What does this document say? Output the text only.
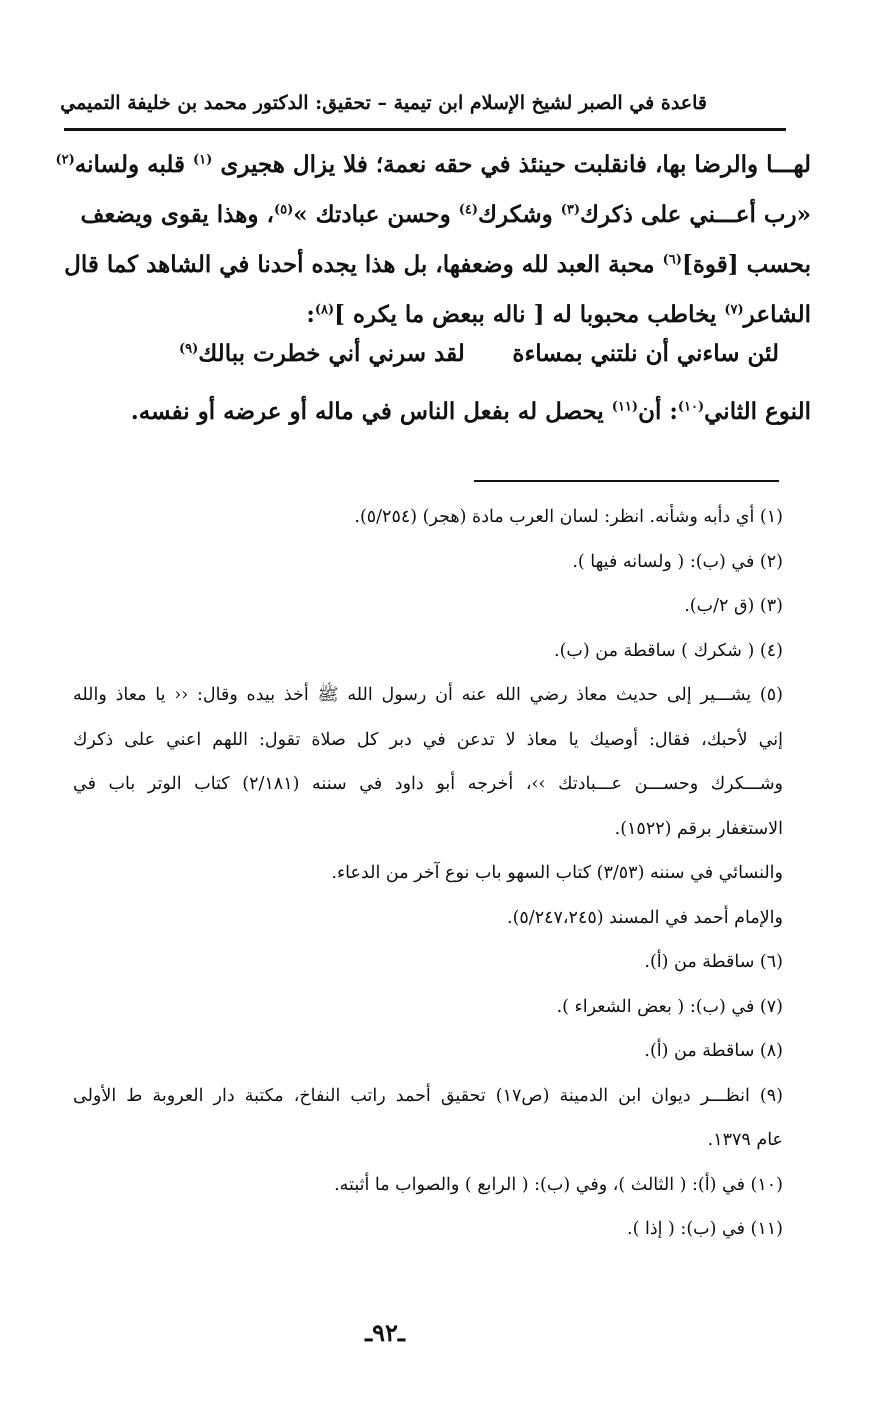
قاعدة في الصبر لشيخ الإسلام ابن تيمية – تحقيق: الدكتور محمد بن خليفة التميمي
لهـــا والرضا بها، فانقلبت حينئذ في حقه نعمة؛ فلا يزال هجيرى $^{(١)}$ قلبه ولسانه$^{(٢)}$
«رب أعـــني على ذكرك$^{(٣)}$ وشكرك$^{(٤)}$ وحسن عبادتك »$^{(٥)}$، وهذا يقوى ويضعف
بحسب [قوة]$^{(٦)}$ محبة العبد لله وضعفها، بل هذا يجده أحدنا في الشاهد كما قال
الشاعر$^{(٧)}$ يخاطب محبوبا له [ ناله ببعض ما يكره ]$^{(٨)}$:
لئن ساءني أن نلتني بمساءة
لقد سرني أني خطرت ببالك$^{(٩)}$
النوع الثاني$^{(١٠)}$: أن$^{(١١)}$ يحصل له بفعل الناس في ماله أو عرضه أو نفسه.
(١) أي دأبه وشأنه. انظر: لسان العرب مادة (هجر) (٥/٢٥٤).
(٢) في (ب): ( ولسانه فيها ).
(٣) (ق ٢/ب).
(٤) ( شكرك ) ساقطة من (ب).
(٥) يشـــير إلى حديث معاذ رضي الله عنه أن رسول الله ﷺ أخذ بيده وقال: ‹‹ يا معاذ والله
إني لأحبك، فقال: أوصيك يا معاذ لا تدعن في دبر كل صلاة تقول: اللهم اعني على ذكرك
وشـــكرك وحســـن عـــبادتك ››، أخرجه أبو داود في سننه (٢/١٨١) كتاب الوتر باب في
الاستغفار برقم (١٥٢٢).
والنسائي في سننه (٣/٥٣) كتاب السهو باب نوع آخر من الدعاء.
والإمام أحمد في المسند (٥/٢٤٧،٢٤٥).
(٦) ساقطة من (أ).
(٧) في (ب): ( بعض الشعراء ).
(٨) ساقطة من (أ).
(٩) انظـــر ديوان ابن الدمينة (ص١٧) تحقيق أحمد راتب النفاخ، مكتبة دار العروبة ط الأولى
عام ١٣٧٩.
(١٠) في (أ): ( الثالث )، وفي (ب): ( الرابع ) والصواب ما أثبته.
(١١) في (ب): ( إذا ).
ـ٩٢ـ
